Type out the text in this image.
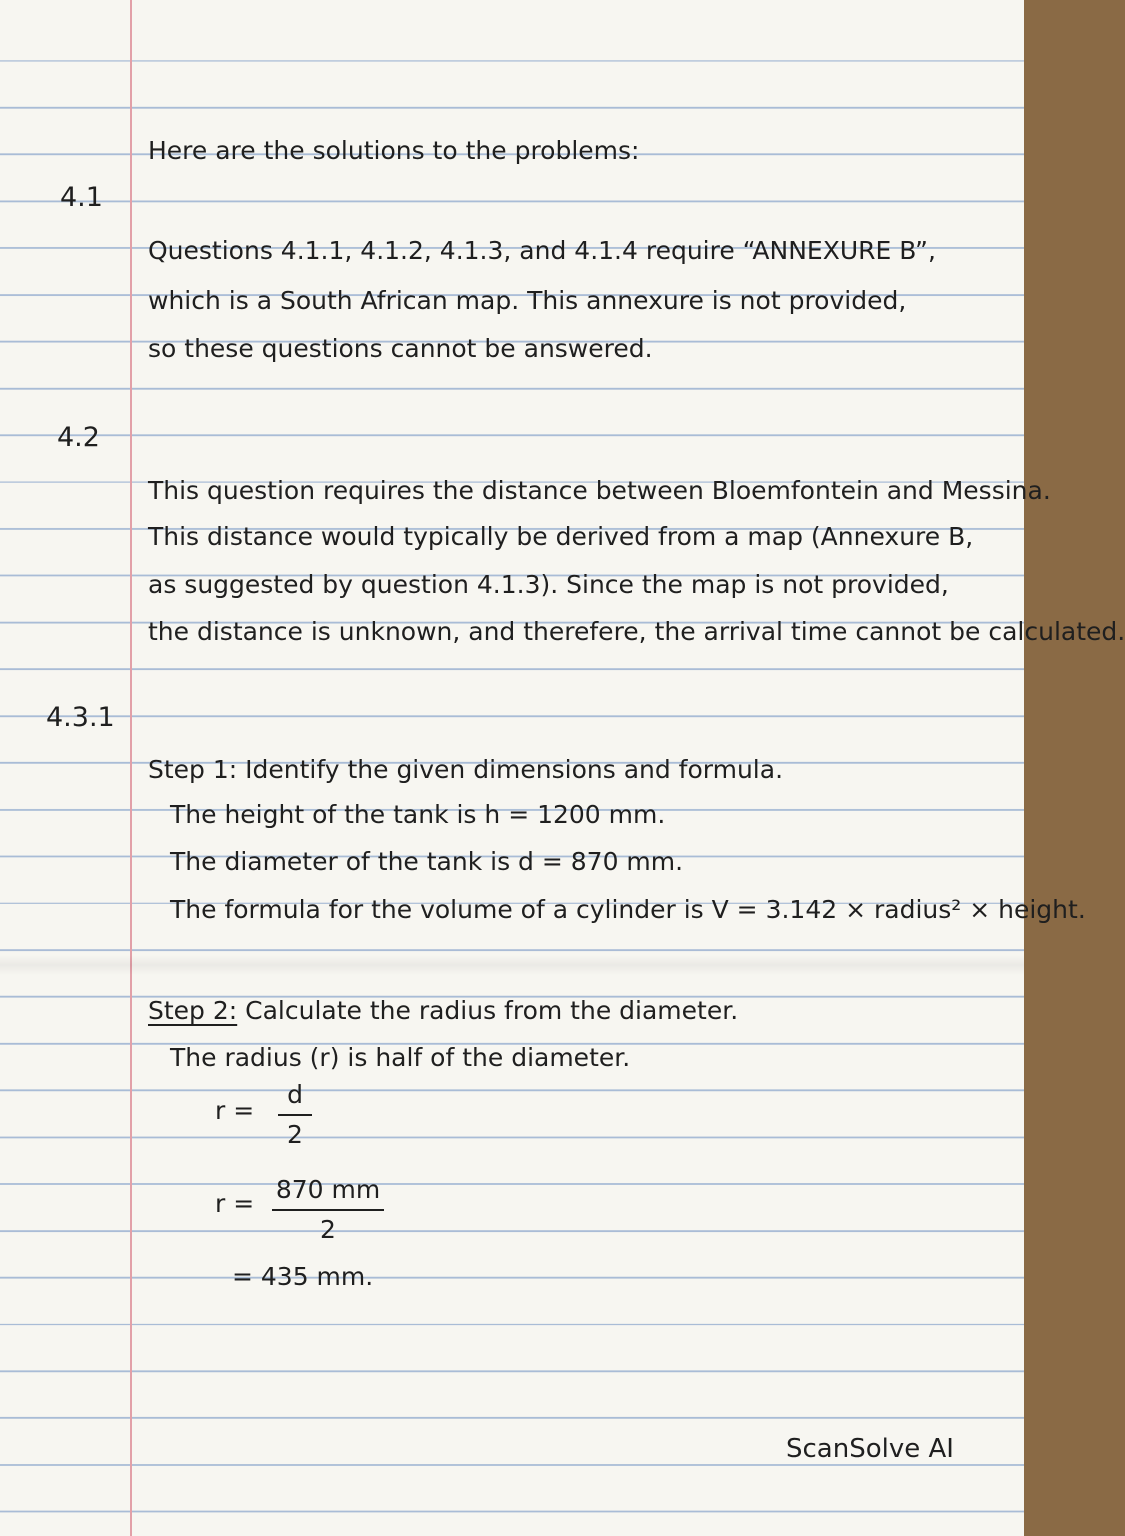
Here are the solutions to the problems:

4.1

Questions 4.1.1, 4.1.2, 4.1.3, and 4.1.4 require “ANNEXURE B”,

which is a South African map. This annexure is not provided,

so these questions cannot be answered.

4.2

This question requires the distance between Bloemfontein and Messina.

This distance would typically be derived from a map (Annexure B,

as suggested by question 4.1.3). Since the map is not provided,

the distance is unknown, and therefere, the arrival time cannot be calculated.

4.3.1

Step 1: Identify the given dimensions and formula.

The height of the tank is h = 1200 mm.

The diameter of the tank is d = 870 mm.

The formula for the volume of a cylinder is V = 3.142 × radius² × height.

Step 2: Calculate the radius from the diameter.

The radius (r) is half of the diameter.

r =

d
2

r = 870 mm
2

= 435 mm.

ScanSolve AI
